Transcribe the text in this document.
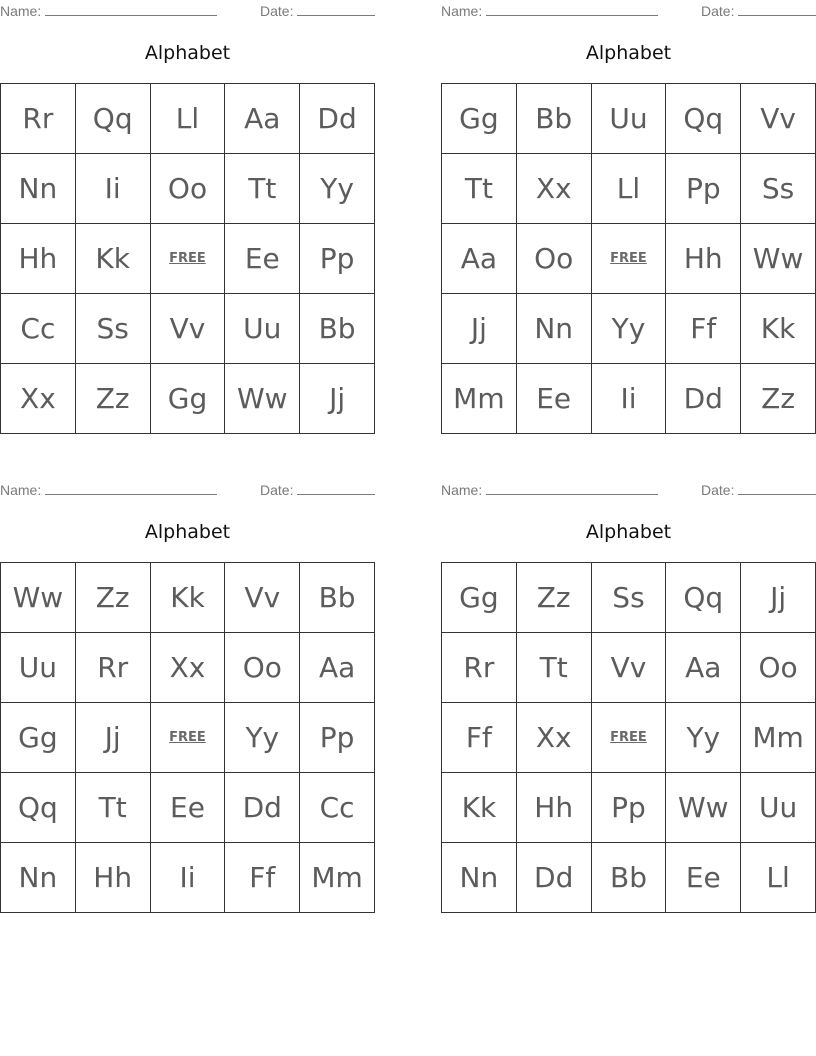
Name:	Date:
Alphabet
Rr	Qq	Ll	Aa	Dd
Nn	Ii	Oo	Tt	Yy
Hh	Kk	FREE	Ee	Pp
Cc	Ss	Vv	Uu	Bb
Xx	Zz	Gg	Ww	Jj
Name:	Date:
Alphabet
Gg	Bb	Uu	Qq	Vv
Tt	Xx	Ll	Pp	Ss
Aa	Oo	FREE	Hh	Ww
Jj	Nn	Yy	Ff	Kk
Mm	Ee	Ii	Dd	Zz
Name:	Date:
Alphabet
Ww	Zz	Kk	Vv	Bb
Uu	Rr	Xx	Oo	Aa
Gg	Jj	FREE	Yy	Pp
Qq	Tt	Ee	Dd	Cc
Nn	Hh	Ii	Ff	Mm
Name:	Date:
Alphabet
Gg	Zz	Ss	Qq	Jj
Rr	Tt	Vv	Aa	Oo
Ff	Xx	FREE	Yy	Mm
Kk	Hh	Pp	Ww	Uu
Nn	Dd	Bb	Ee	Ll
